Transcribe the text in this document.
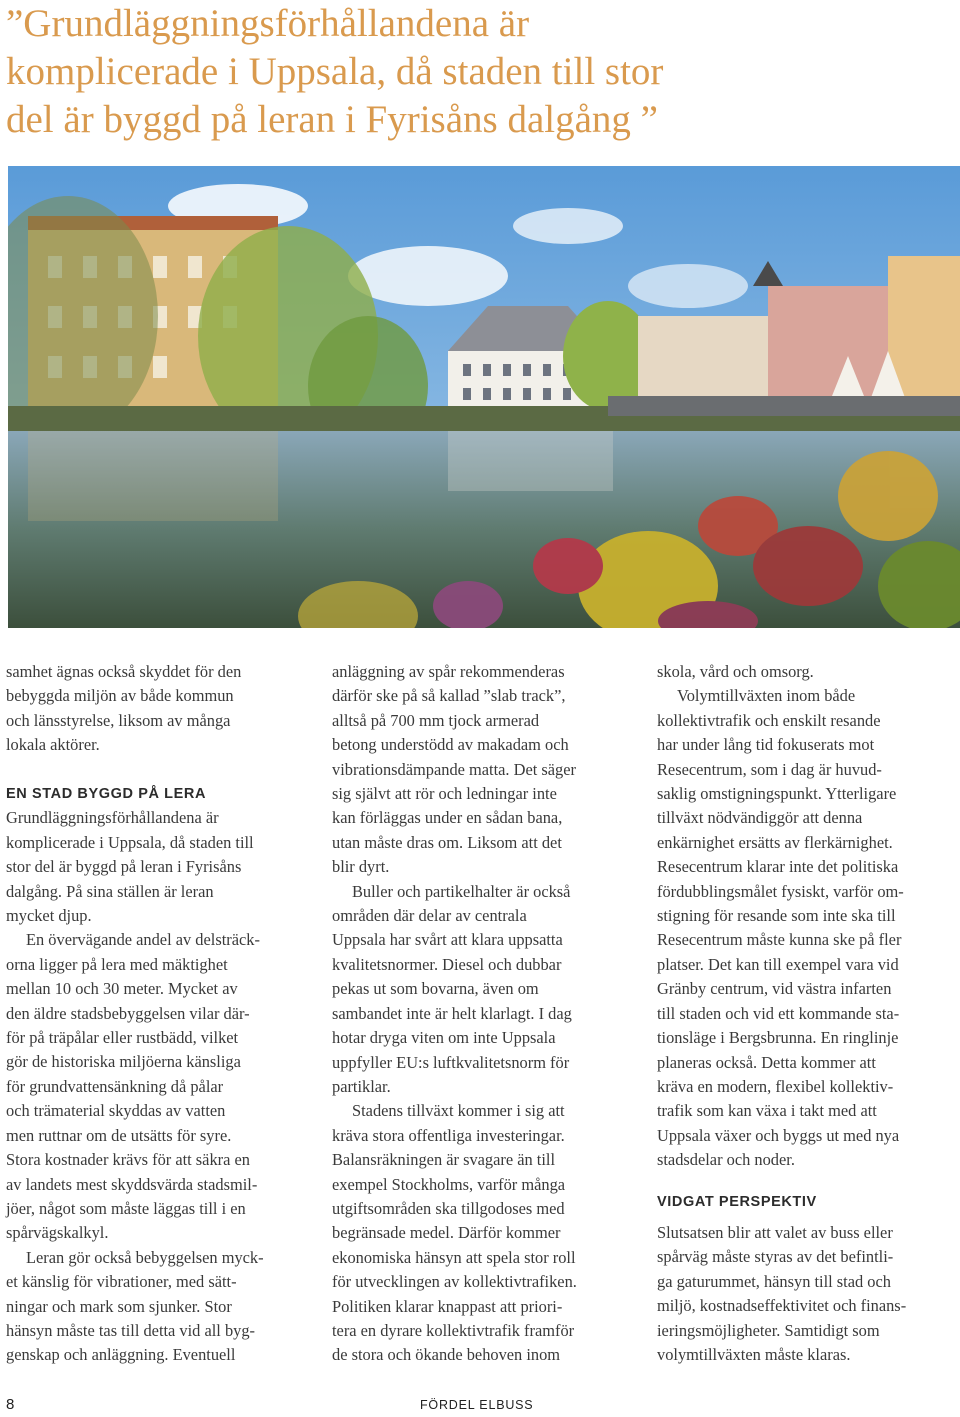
”Grundläggningsförhållandena är
komplicerade i Uppsala, då staden till stor
del är byggd på leran i Fyrisåns dalgång ”

samhet ägnas också skyddet för den
bebyggda miljön av både kommun
och länsstyrelse, liksom av många
lokala aktörer.

EN STAD BYGGD PÅ LERA

Grundläggningsförhållandena är
komplicerade i Uppsala, då staden till
stor del är byggd på leran i Fyrisåns
dalgång. På sina ställen är leran
mycket djup.

En övervägande andel av delsträck-
orna ligger på lera med mäktighet
mellan 10 och 30 meter. Mycket av
den äldre stadsbebyggelsen vilar där-
för på träpålar eller rustbädd, vilket
gör de historiska miljöerna känsliga
för grundvattensänkning då pålar
och trämaterial skyddas av vatten
men ruttnar om de utsätts för syre.
Stora kostnader krävs för att säkra en
av landets mest skyddsvärda stadsmil-
jöer, något som måste läggas till i en
spårvägskalkyl.

Leran gör också bebyggelsen myck-
et känslig för vibrationer, med sätt-
ningar och mark som sjunker. Stor
hänsyn måste tas till detta vid all byg-
genskap och anläggning. Eventuell

anläggning av spår rekommenderas
därför ske på så kallad ”slab track”,
alltså på 700 mm tjock armerad
betong understödd av makadam och
vibrationsdämpande matta. Det säger
sig självt att rör och ledningar inte
kan förläggas under en sådan bana,
utan måste dras om. Liksom att det
blir dyrt.

Buller och partikelhalter är också
områden där delar av centrala
Uppsala har svårt att klara uppsatta
kvalitetsnormer. Diesel och dubbar
pekas ut som bovarna, även om
sambandet inte är helt klarlagt. I dag
hotar dryga viten om inte Uppsala
uppfyller EU:s luftkvalitetsnorm för
partiklar.

Stadens tillväxt kommer i sig att
kräva stora offentliga investeringar.
Balansräkningen är svagare än till
exempel Stockholms, varför många
utgiftsområden ska tillgodoses med
begränsade medel. Därför kommer
ekonomiska hänsyn att spela stor roll
för utvecklingen av kollektivtrafiken.
Politiken klarar knappast att priori-
tera en dyrare kollektivtrafik framför
de stora och ökande behoven inom

skola, vård och omsorg.

Volymtillväxten inom både
kollektivtrafik och enskilt resande
har under lång tid fokuserats mot
Resecentrum, som i dag är huvud-
saklig omstigningspunkt. Ytterligare
tillväxt nödvändiggör att denna
enkärnighet ersätts av flerkärnighet.
Resecentrum klarar inte det politiska
fördubblingsmålet fysiskt, varför om-
stigning för resande som inte ska till
Resecentrum måste kunna ske på fler
platser. Det kan till exempel vara vid
Gränby centrum, vid västra infarten
till staden och vid ett kommande sta-
tionsläge i Bergsbrunna. En ringlinje
planeras också. Detta kommer att
kräva en modern, flexibel kollektiv-
trafik som kan växa i takt med att
Uppsala växer och byggs ut med nya
stadsdelar och noder.

VIDGAT PERSPEKTIV

Slutsatsen blir att valet av buss eller
spårväg måste styras av det befintli-
ga gaturummet, hänsyn till stad och
miljö, kostnadseffektivitet och finans-
ieringsmöjligheter. Samtidigt som
volymtillväxten måste klaras.

8	FÖRDEL ELBUSS
